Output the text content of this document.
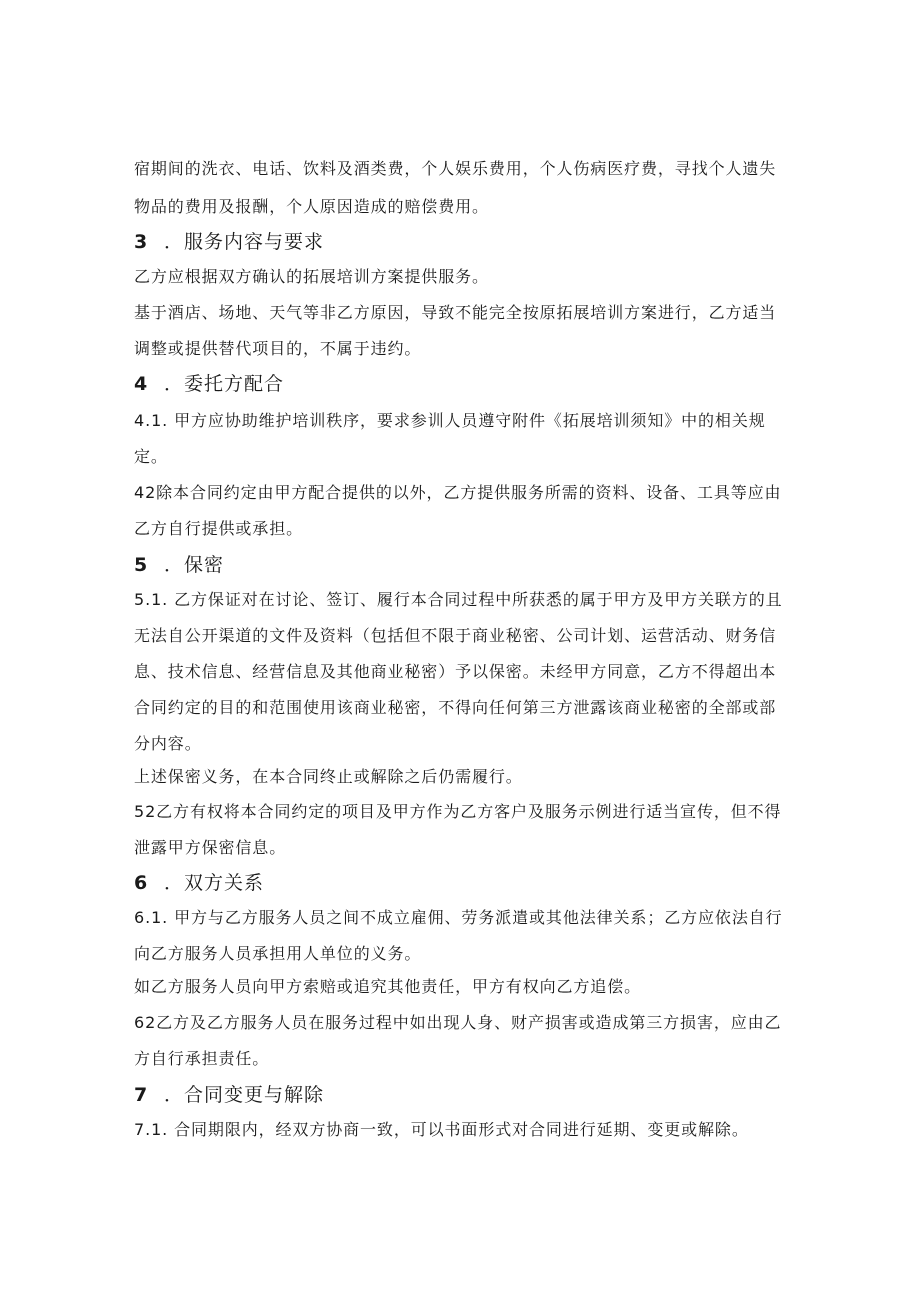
宿期间的洗衣、电话、饮料及酒类费，个人娱乐费用，个人伤病医疗费，寻找个人遗失
物品的费用及报酬，个人原因造成的赔偿费用。
3 ．服务内容与要求
乙方应根据双方确认的拓展培训方案提供服务。
基于酒店、场地、天气等非乙方原因，导致不能完全按原拓展培训方案进行，乙方适当
调整或提供替代项目的，不属于违约。
4 ．委托方配合
4.1. 甲方应协助维护培训秩序，要求参训人员遵守附件《拓展培训须知》中的相关规
定。
42除本合同约定由甲方配合提供的以外，乙方提供服务所需的资料、设备、工具等应由
乙方自行提供或承担。
5 ．保密
5.1. 乙方保证对在讨论、签订、履行本合同过程中所获悉的属于甲方及甲方关联方的且
无法自公开渠道的文件及资料（包括但不限于商业秘密、公司计划、运营活动、财务信
息、技术信息、经营信息及其他商业秘密）予以保密。未经甲方同意，乙方不得超出本
合同约定的目的和范围使用该商业秘密，不得向任何第三方泄露该商业秘密的全部或部
分内容。
上述保密义务，在本合同终止或解除之后仍需履行。
52乙方有权将本合同约定的项目及甲方作为乙方客户及服务示例进行适当宣传，但不得
泄露甲方保密信息。
6 ．双方关系
6.1. 甲方与乙方服务人员之间不成立雇佣、劳务派遣或其他法律关系；乙方应依法自行
向乙方服务人员承担用人单位的义务。
如乙方服务人员向甲方索赔或追究其他责任，甲方有权向乙方追偿。
62乙方及乙方服务人员在服务过程中如出现人身、财产损害或造成第三方损害，应由乙
方自行承担责任。
7 ．合同变更与解除
7.1. 合同期限内，经双方协商一致，可以书面形式对合同进行延期、变更或解除。
